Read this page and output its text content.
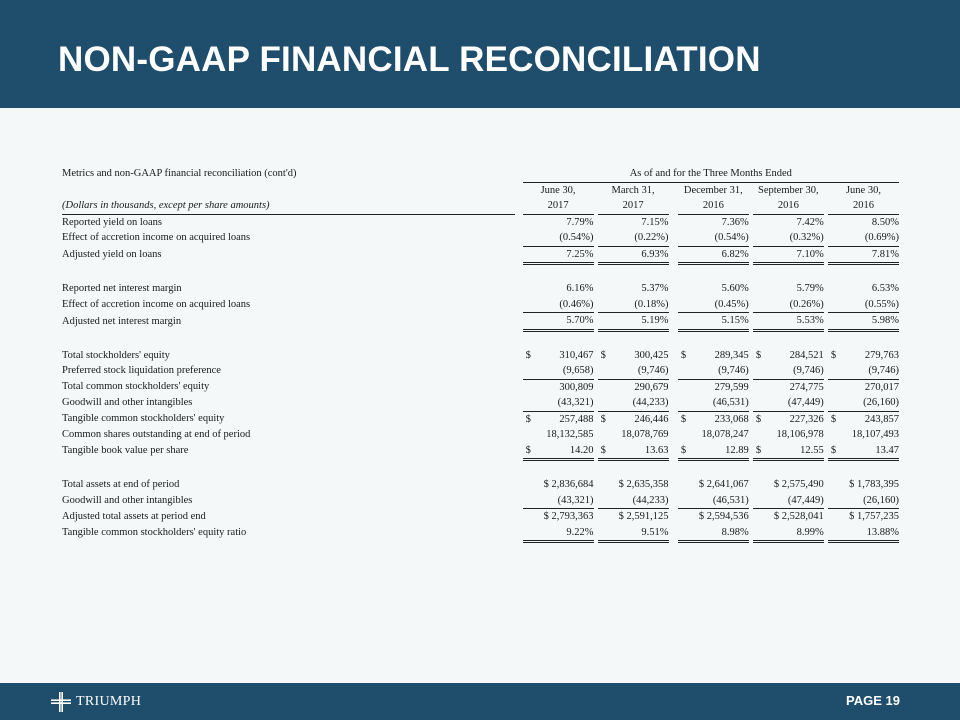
NON-GAAP FINANCIAL RECONCILIATION
Metrics and non-GAAP financial reconciliation (cont'd)		As of and for the Three Months Ended								
		June 30,		March 31,		December 31,		September 30,		June 30,
(Dollars in thousands, except per share amounts)		2017		2017		2016		2016		2016
Reported yield on loans		7.79%		7.15%		7.36%		7.42%		8.50%
Effect of accretion income on acquired loans		(0.54%)		(0.22%)		(0.54%)		(0.32%)		(0.69%)
Adjusted yield on loans		7.25%		6.93%		6.82%		7.10%		7.81%

Reported net interest margin		6.16%		5.37%		5.60%		5.79%		6.53%
Effect of accretion income on acquired loans		(0.46%)		(0.18%)		(0.45%)		(0.26%)		(0.55%)
Adjusted net interest margin		5.70%		5.19%		5.15%		5.53%		5.98%

Total stockholders' equity		$ 310,467		$ 300,425		$ 289,345		$ 284,521		$ 279,763
Preferred stock liquidation preference		(9,658)		(9,746)		(9,746)		(9,746)		(9,746)
Total common stockholders' equity		300,809		290,679		279,599		274,775		270,017
Goodwill and other intangibles		(43,321)		(44,233)		(46,531)		(47,449)		(26,160)
Tangible common stockholders' equity		$ 257,488		$ 246,446		$ 233,068		$ 227,326		$ 243,857
Common shares outstanding at end of period		18,132,585		18,078,769		18,078,247		18,106,978		18,107,493
Tangible book value per share		$ 14.20		$ 13.63		$ 12.89		$ 12.55		$ 13.47

Total assets at end of period		$ 2,836,684		$ 2,635,358		$ 2,641,067		$ 2,575,490		$ 1,783,395
Goodwill and other intangibles		(43,321)		(44,233)		(46,531)		(47,449)		(26,160)
Adjusted total assets at period end		$ 2,793,363		$ 2,591,125		$ 2,594,536		$ 2,528,041		$ 1,757,235
Tangible common stockholders' equity ratio		9.22%		9.51%		8.98%		8.99%		13.88%
TRIUMPH	PAGE 19
